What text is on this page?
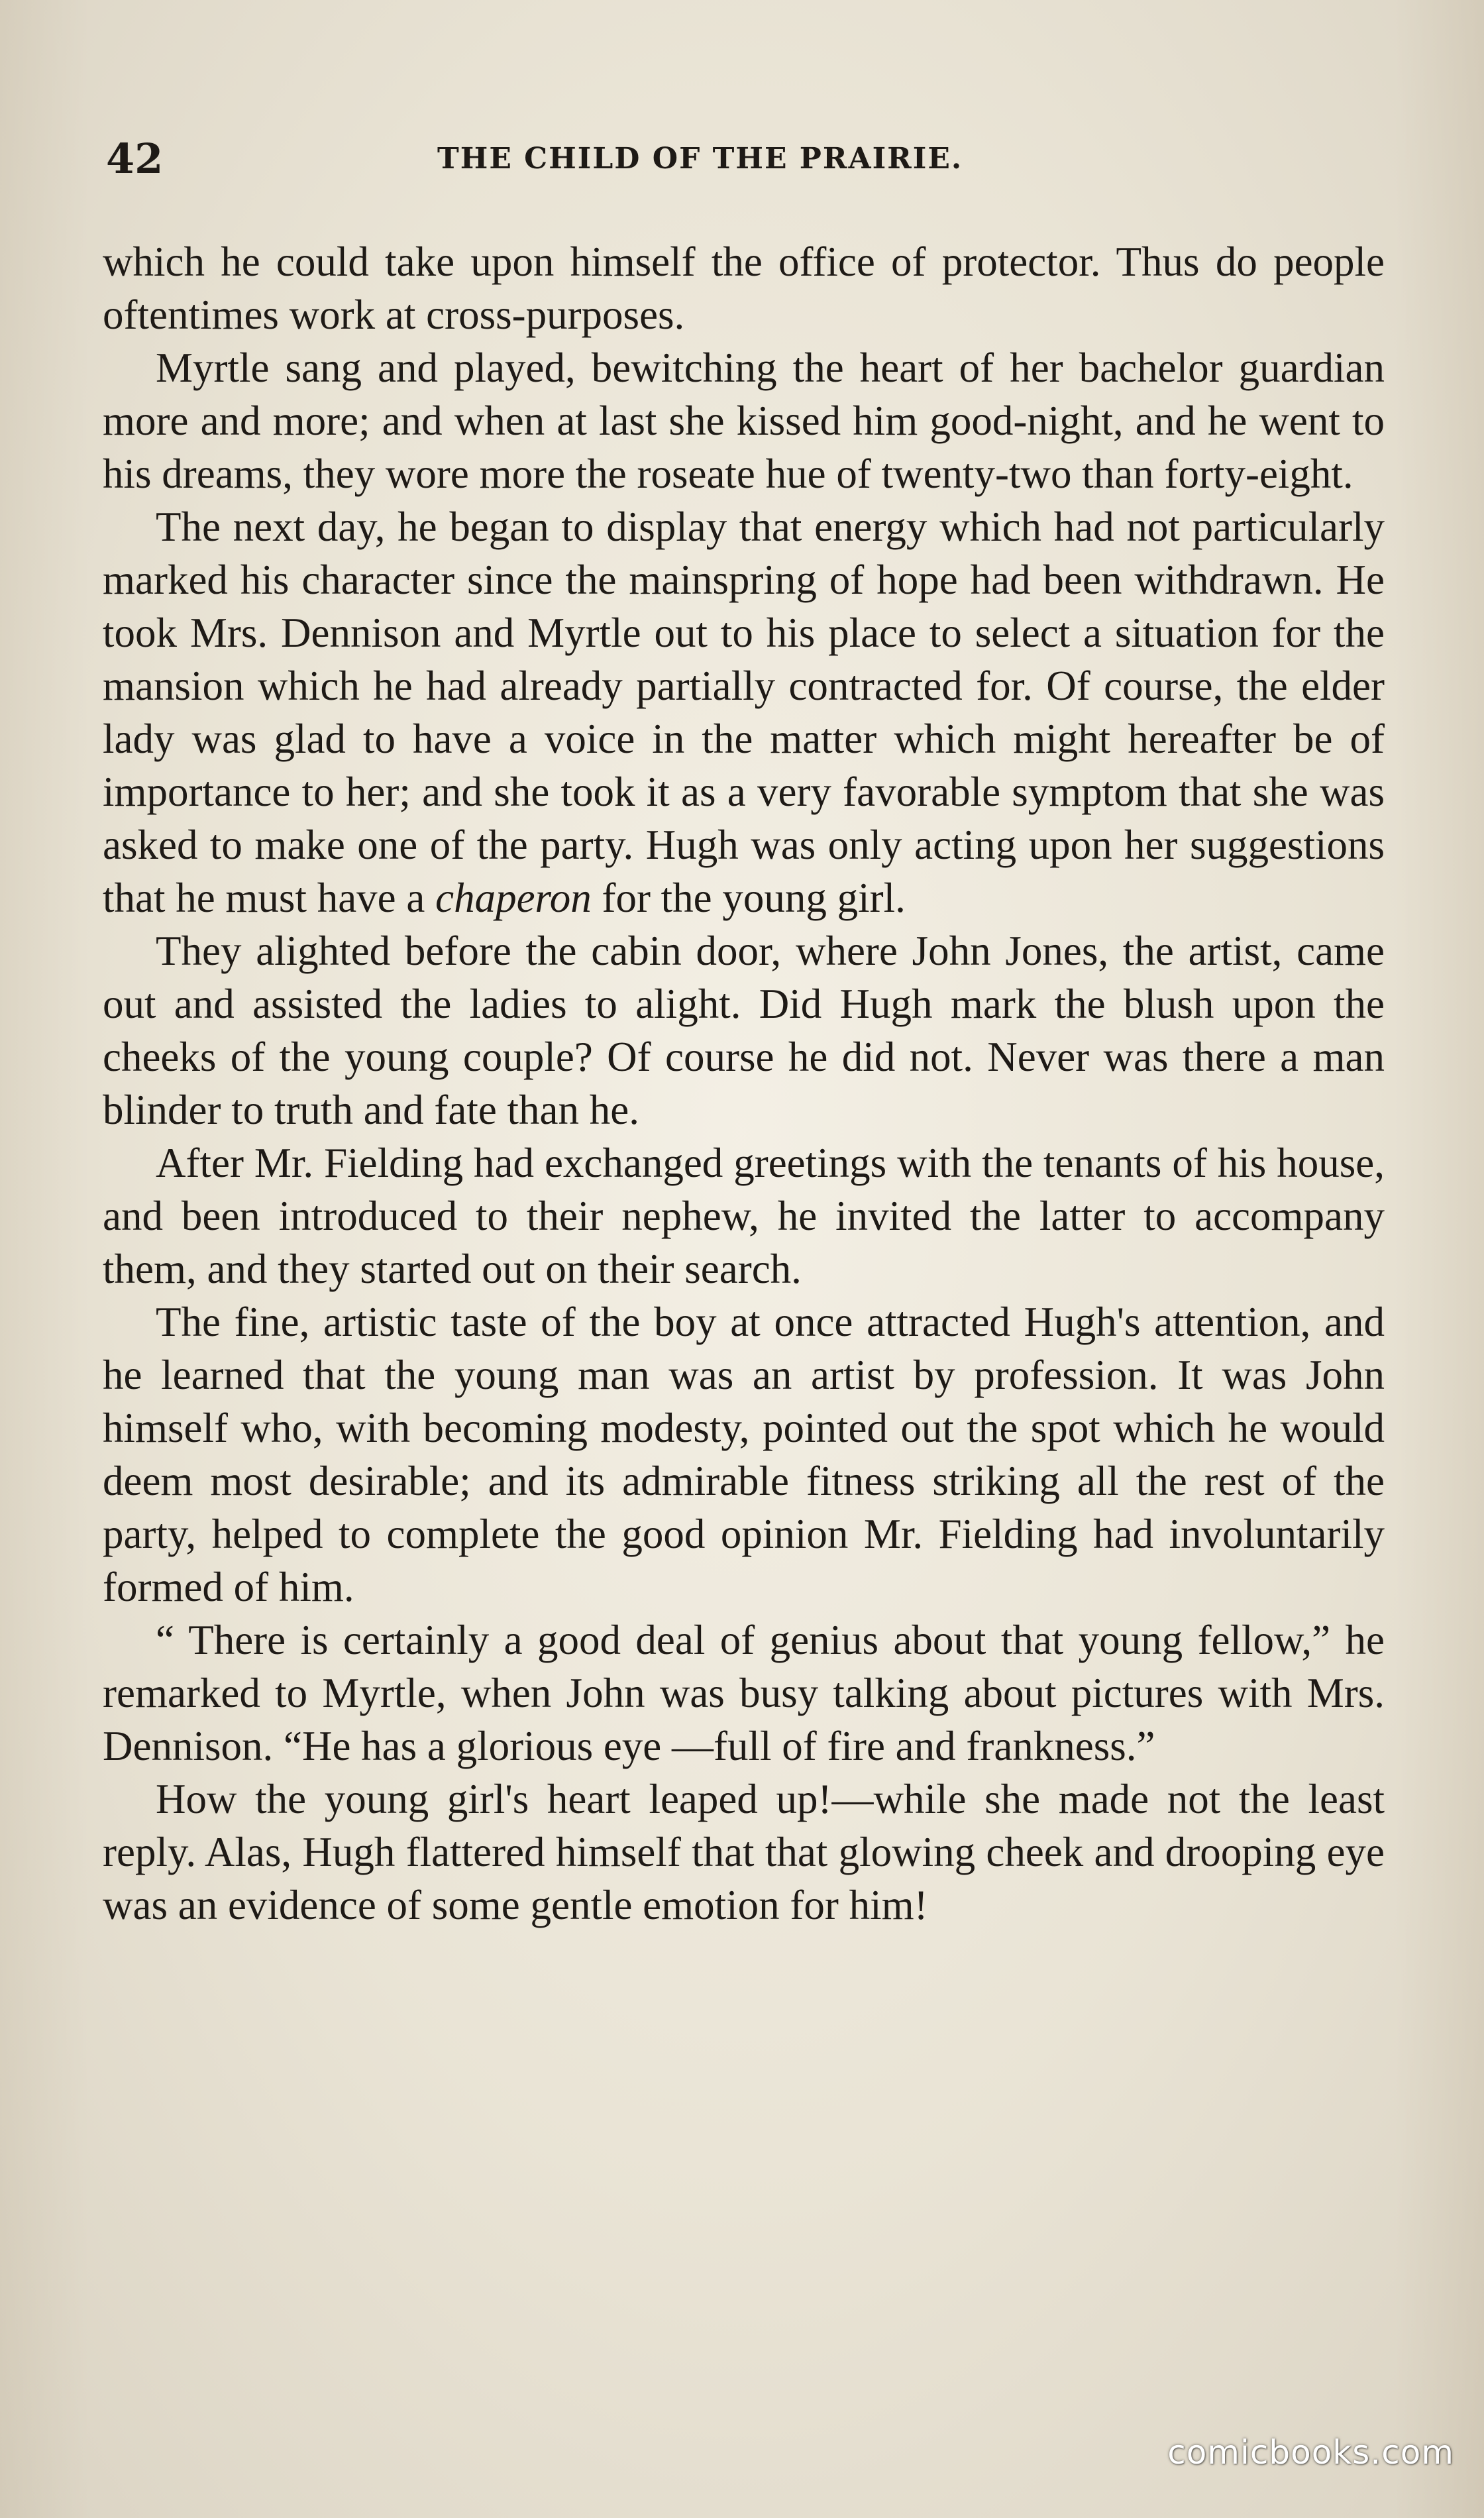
42	THE CHILD OF THE PRAIRIE.

which he could take upon himself the office of protector. Thus do people oftentimes work at cross-purposes.

Myrtle sang and played, bewitching the heart of her bachelor guardian more and more; and when at last she kissed him good-night, and he went to his dreams, they wore more the roseate hue of twenty-two than forty-eight.

The next day, he began to display that energy which had not particularly marked his character since the mainspring of hope had been withdrawn. He took Mrs. Dennison and Myrtle out to his place to select a situation for the mansion which he had already partially contracted for. Of course, the elder lady was glad to have a voice in the matter which might hereafter be of importance to her; and she took it as a very favorable symptom that she was asked to make one of the party. Hugh was only acting upon her suggestions that he must have a chaperon for the young girl.

They alighted before the cabin door, where John Jones, the artist, came out and assisted the ladies to alight. Did Hugh mark the blush upon the cheeks of the young couple? Of course he did not. Never was there a man blinder to truth and fate than he.

After Mr. Fielding had exchanged greetings with the tenants of his house, and been introduced to their nephew, he invited the latter to accompany them, and they started out on their search.

The fine, artistic taste of the boy at once attracted Hugh's attention, and he learned that the young man was an artist by profession. It was John himself who, with becoming modesty, pointed out the spot which he would deem most desirable; and its admirable fitness striking all the rest of the party, helped to complete the good opinion Mr. Fielding had involuntarily formed of him.

“ There is certainly a good deal of genius about that young fellow,” he remarked to Myrtle, when John was busy talking about pictures with Mrs. Dennison. “He has a glorious eye —full of fire and frankness.”

How the young girl's heart leaped up!—while she made not the least reply. Alas, Hugh flattered himself that that glowing cheek and drooping eye was an evidence of some gentle emotion for him!

comicbooks.com
